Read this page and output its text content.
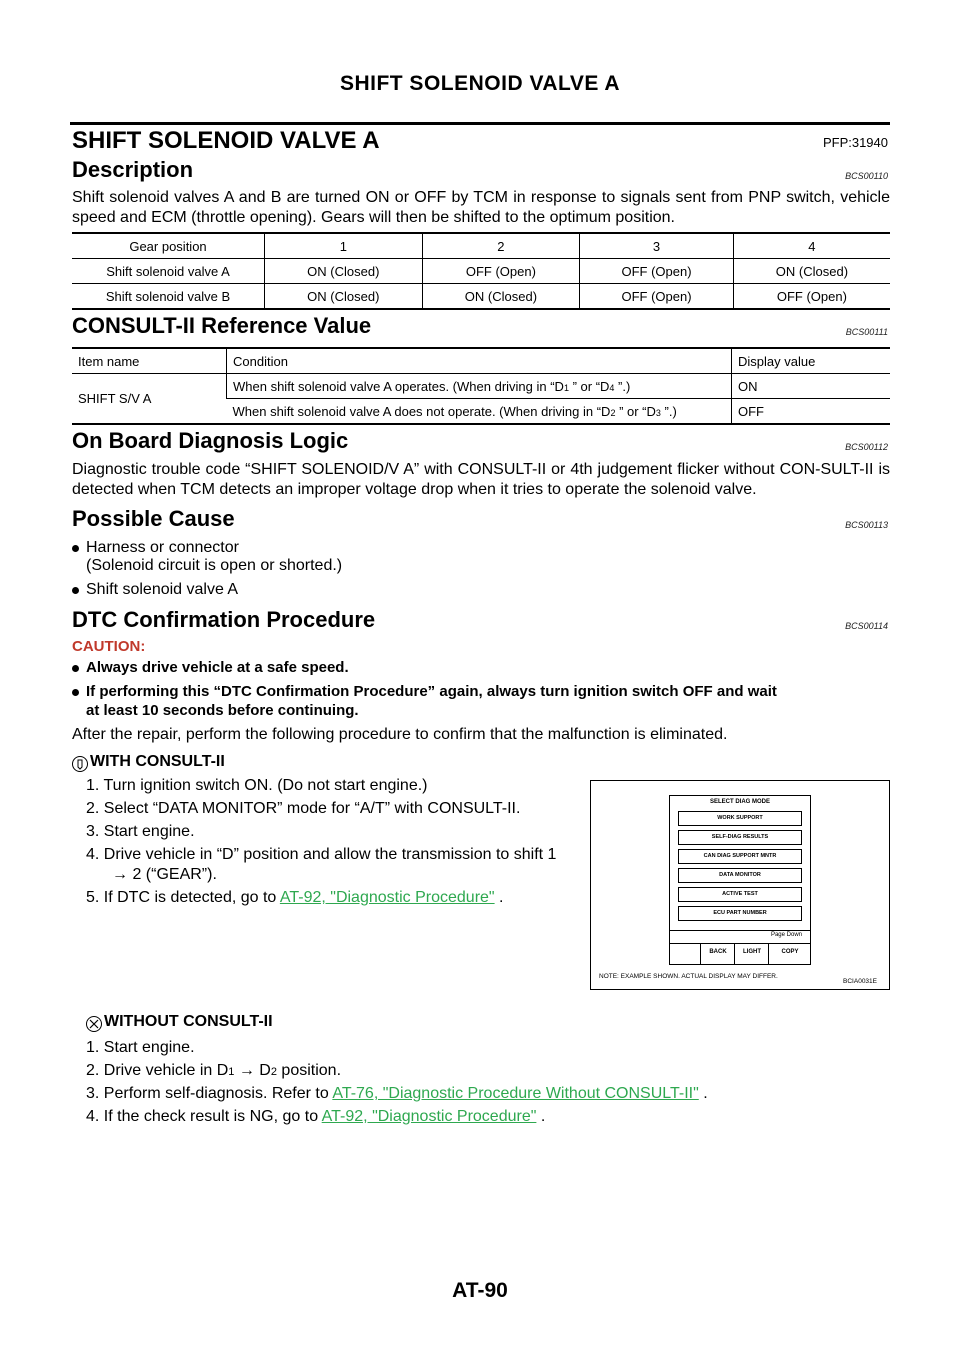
SHIFT SOLENOID VALVE A
SHIFT SOLENOID VALVE A	PFP:31940
Description	BCS00110
Shift solenoid valves A and B are turned ON or OFF by TCM in response to signals sent from PNP switch, vehicle speed and ECM (throttle opening). Gears will then be shifted to the optimum position.
Gear position	1	2	3	4
Shift solenoid valve A	ON (Closed)	OFF (Open)	OFF (Open)	ON (Closed)
Shift solenoid valve B	ON (Closed)	ON (Closed)	OFF (Open)	OFF (Open)
CONSULT-II Reference Value	BCS00111
Item name	Condition	Display value
SHIFT S/V A	When shift solenoid valve A operates. (When driving in “D1 ” or “D4 ”.)	ON
	When shift solenoid valve A does not operate. (When driving in “D2 ” or “D3 ”.)	OFF
On Board Diagnosis Logic	BCS00112
Diagnostic trouble code “SHIFT SOLENOID/V A” with CONSULT-II or 4th judgement flicker without CON-SULT-II is detected when TCM detects an improper voltage drop when it tries to operate the solenoid valve.
Possible Cause	BCS00113
Harness or connector
(Solenoid circuit is open or shorted.)
Shift solenoid valve A
DTC Confirmation Procedure	BCS00114
CAUTION:
Always drive vehicle at a safe speed.
If performing this “DTC Confirmation Procedure” again, always turn ignition switch OFF and wait
at least 10 seconds before continuing.
After the repair, perform the following procedure to confirm that the malfunction is eliminated.
WITH CONSULT-II
1. Turn ignition switch ON. (Do not start engine.)
2. Select “DATA MONITOR” mode for “A/T” with CONSULT-II.
3. Start engine.
4. Drive vehicle in “D” position and allow the transmission to shift 1
→ 2 (“GEAR”).
5. If DTC is detected, go to AT-92, "Diagnostic Procedure" .
SELECT DIAG MODE
WORK SUPPORT
SELF-DIAG RESULTS
CAN DIAG SUPPORT MNTR
DATA MONITOR
ACTIVE TEST
ECU PART NUMBER
Page Down
BACK	LIGHT	COPY
NOTE: EXAMPLE SHOWN. ACTUAL DISPLAY MAY DIFFER.
BCIA0031E
WITHOUT CONSULT-II
1. Start engine.
2. Drive vehicle in D1 → D2 position.
3. Perform self-diagnosis. Refer to AT-76, "Diagnostic Procedure Without CONSULT-II" .
4. If the check result is NG, go to AT-92, "Diagnostic Procedure" .
AT-90
